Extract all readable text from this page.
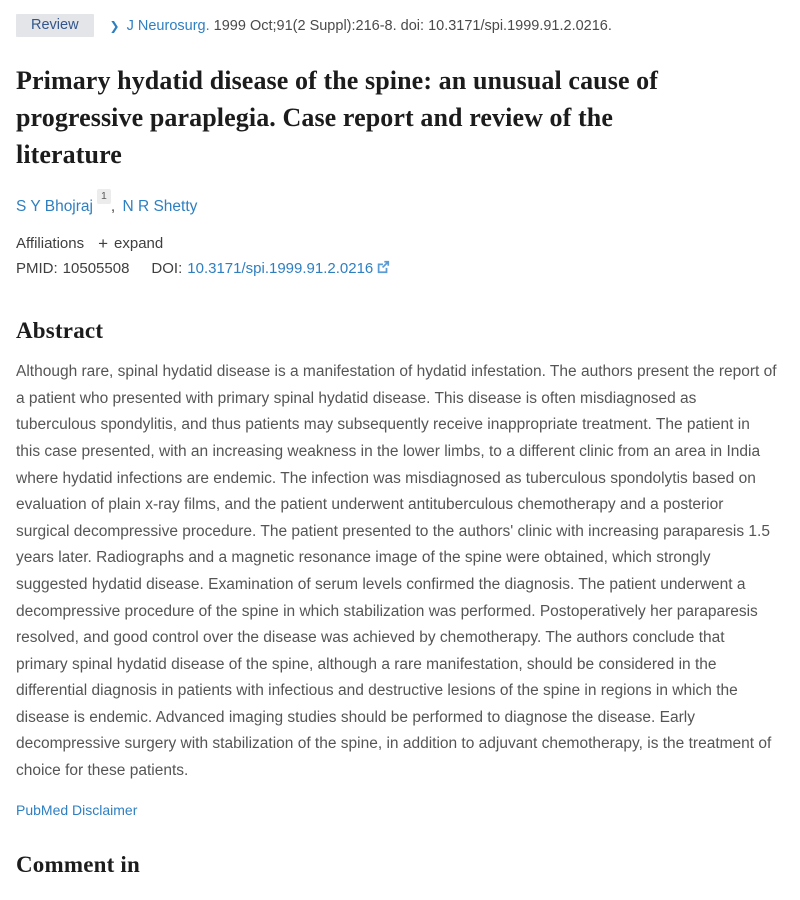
Review	❯ J Neurosurg. 1999 Oct;91(2 Suppl):216-8. doi: 10.3171/spi.1999.91.2.0216.
Primary hydatid disease of the spine: an unusual cause of progressive paraplegia. Case report and review of the literature
S Y Bhojraj$^1$, N R Shetty
Affiliations + expand
PMID: 10505508 DOI: 10.3171/spi.1999.91.2.0216
Abstract

Although rare, spinal hydatid disease is a manifestation of hydatid infestation. The authors present the report of a patient who presented with primary spinal hydatid disease. This disease is often misdiagnosed as tuberculous spondylitis, and thus patients may subsequently receive inappropriate treatment. The patient in this case presented, with an increasing weakness in the lower limbs, to a different clinic from an area in India where hydatid infections are endemic. The infection was misdiagnosed as tuberculous spondolytis based on evaluation of plain x-ray films, and the patient underwent antituberculous chemotherapy and a posterior surgical decompressive procedure. The patient presented to the authors' clinic with increasing paraparesis 1.5 years later. Radiographs and a magnetic resonance image of the spine were obtained, which strongly suggested hydatid disease. Examination of serum levels confirmed the diagnosis. The patient underwent a decompressive procedure of the spine in which stabilization was performed. Postoperatively her paraparesis resolved, and good control over the disease was achieved by chemotherapy. The authors conclude that primary spinal hydatid disease of the spine, although a rare manifestation, should be considered in the differential diagnosis in patients with infectious and destructive lesions of the spine in regions in which the disease is endemic. Advanced imaging studies should be performed to diagnose the disease. Early decompressive surgery with stabilization of the spine, in addition to adjuvant chemotherapy, is the treatment of choice for these patients.

PubMed Disclaimer
Comment in
